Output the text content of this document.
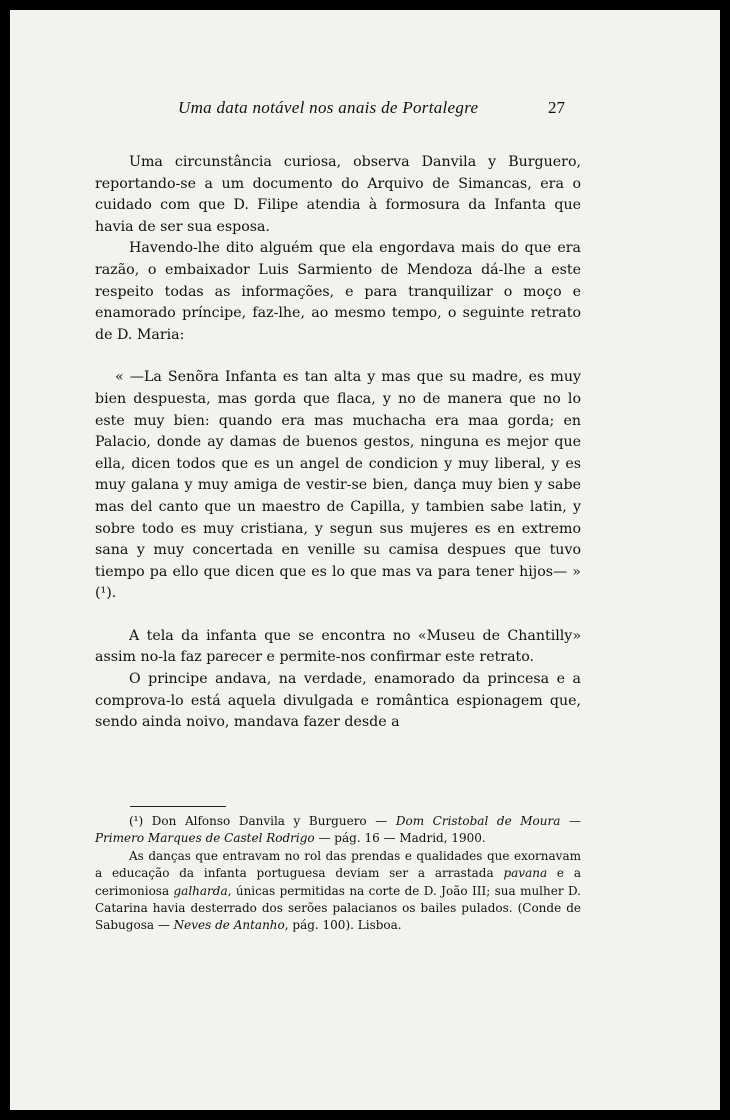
Uma data notável nos anais de Portalegre	27

Uma circunstância curiosa, observa Danvila y Burguero, reportando-se a um documento do Arquivo de Simancas, era o cuidado com que D. Filipe atendia à formosura da Infanta que havia de ser sua esposa.

Havendo-lhe dito alguém que ela engordava mais do que era razão, o embaixador Luis Sarmiento de Mendoza dá-lhe a este respeito todas as informações, e para tranquilizar o moço e enamorado príncipe, faz-lhe, ao mesmo tempo, o seguinte retrato de D. Maria:

« —La Senõra Infanta es tan alta y mas que su madre, es muy bien despuesta, mas gorda que flaca, y no de manera que no lo este muy bien: quando era mas muchacha era maa gorda; en Palacio, donde ay damas de buenos gestos, ninguna es mejor que ella, dicen todos que es un angel de condicion y muy liberal, y es muy galana y muy amiga de vestir-se bien, dança muy bien y sabe mas del canto que un maestro de Capilla, y tambien sabe latin, y sobre todo es muy cristiana, y segun sus mujeres es en extremo sana y muy concertada en venille su camisa despues que tuvo tiempo pa ello que dicen que es lo que mas va para tener hijos— » (¹).

A tela da infanta que se encontra no «Museu de Chantilly» assim no-la faz parecer e permite-nos confirmar este retrato.

O principe andava, na verdade, enamorado da princesa e a comprova-lo está aquela divulgada e romântica espionagem que, sendo ainda noivo, mandava fazer desde a

(¹) Don Alfonso Danvila y Burguero — Dom Cristobal de Moura — Primero Marques de Castel Rodrigo — pág. 16 — Madrid, 1900.

As danças que entravam no rol das prendas e qualidades que exornavam a educação da infanta portuguesa deviam ser a arrastada pavana e a cerimoniosa galharda, únicas permitidas na corte de D. João III; sua mulher D. Catarina havia desterrado dos serões palacianos os bailes pulados. (Conde de Sabugosa — Neves de Antanho, pág. 100). Lisboa.
